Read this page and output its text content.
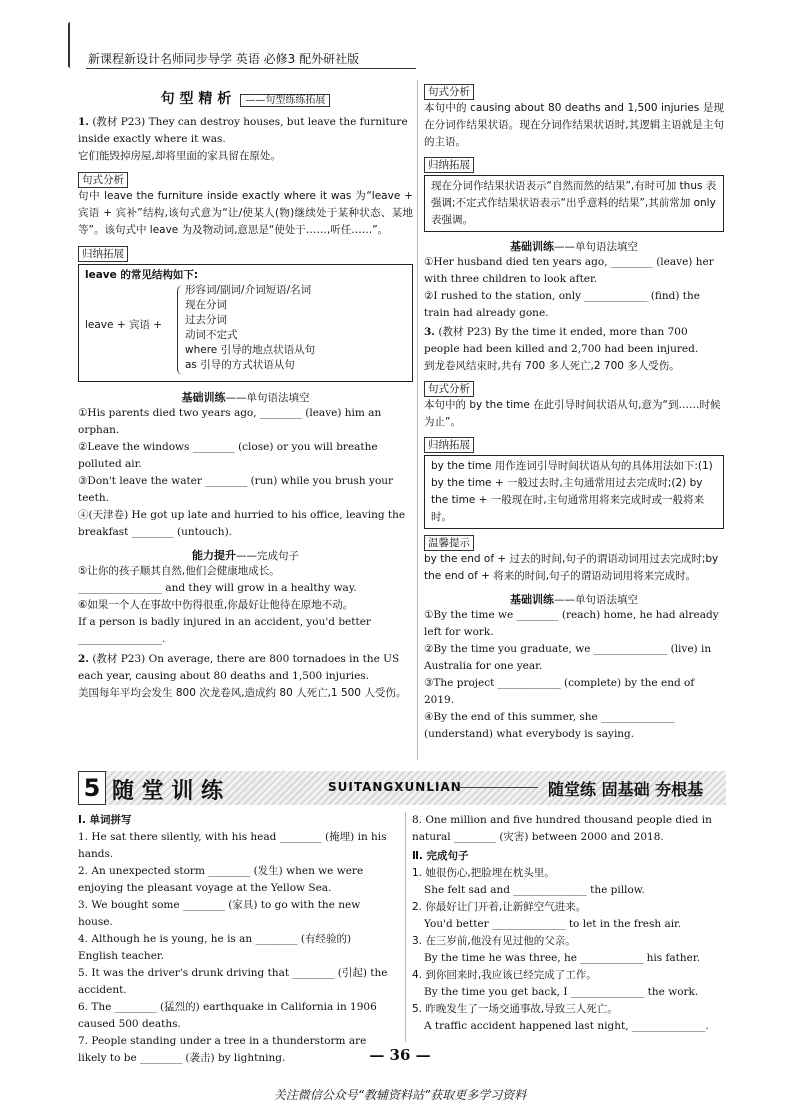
新课程新设计名师同步导学 英语 必修3 配外研社版
句 型 精 析 ——句型练练拓展
1. (教材 P23) They can destroy houses, but leave the furniture inside exactly where it was.
它们能毁掉房屋,却将里面的家具留在原处。
句式分析
句中 leave the furniture inside exactly where it was 为“leave + 宾语 + 宾补”结构,该句式意为“让/使某人(物)继续处于某种状态、某地等”。该句式中 leave 为及物动词,意思是“使处于……,听任……”。
归纳拓展
leave 的常见结构如下:
leave + 宾语 +
形容词/副词/介词短语/名词
现在分词
过去分词
动词不定式
where 引导的地点状语从句
as 引导的方式状语从句
基础训练——单句语法填空
①His parents died two years ago, ________ (leave) him an orphan.
②Leave the windows ________ (close) or you will breathe polluted air.
③Don't leave the water ________ (run) while you brush your teeth.
④(天津卷) He got up late and hurried to his office, leaving the breakfast ________ (untouch).
能力提升——完成句子
⑤让你的孩子顺其自然,他们会健康地成长。
________________ and they will grow in a healthy way.
⑥如果一个人在事故中伤得很重,你最好让他待在原地不动。
If a person is badly injured in an accident, you'd better ________________.
2. (教材 P23) On average, there are 800 tornadoes in the US each year, causing about 80 deaths and 1,500 injuries.
美国每年平均会发生 800 次龙卷风,造成约 80 人死亡,1 500 人受伤。
句式分析
本句中的 causing about 80 deaths and 1,500 injuries 是现在分词作结果状语。现在分词作结果状语时,其逻辑主语就是主句的主语。
归纳拓展
现在分词作结果状语表示“自然而然的结果”,有时可加 thus 表强调;不定式作结果状语表示“出乎意料的结果”,其前常加 only 表强调。
基础训练——单句语法填空
①Her husband died ten years ago, ________ (leave) her with three children to look after.
②I rushed to the station, only ____________ (find) the train had already gone.
3. (教材 P23) By the time it ended, more than 700 people had been killed and 2,700 had been injured.
到龙卷风结束时,共有 700 多人死亡,2 700 多人受伤。
句式分析
本句中的 by the time 在此引导时间状语从句,意为“到……时候为止”。
归纳拓展
by the time 用作连词引导时间状语从句的具体用法如下:(1) by the time + 一般过去时,主句通常用过去完成时;(2) by the time + 一般现在时,主句通常用将来完成时或一般将来时。
温馨提示
by the end of + 过去的时间,句子的谓语动词用过去完成时;by the end of + 将来的时间,句子的谓语动词用将来完成时。
基础训练——单句语法填空
①By the time we ________ (reach) home, he had already left for work.
②By the time you graduate, we ______________ (live) in Australia for one year.
③The project ____________ (complete) by the end of 2019.
④By the end of this summer, she ______________ (understand) what everybody is saying.
5 随 堂 训 练	SUITANGXUNLIAN	随堂练 固基础 夯根基
Ⅰ. 单词拼写
1. He sat there silently, with his head ________ (掩埋) in his hands.
2. An unexpected storm ________ (发生) when we were enjoying the pleasant voyage at the Yellow Sea.
3. We bought some ________ (家具) to go with the new house.
4. Although he is young, he is an ________ (有经验的) English teacher.
5. It was the driver's drunk driving that ________ (引起) the accident.
6. The ________ (猛烈的) earthquake in California in 1906 caused 500 deaths.
7. People standing under a tree in a thunderstorm are likely to be ________ (袭击) by lightning.
8. One million and five hundred thousand people died in natural ________ (灾害) between 2000 and 2018.
Ⅱ. 完成句子
1. 她很伤心,把脸埋在枕头里。
She felt sad and ______________ the pillow.
2. 你最好让门开着,让新鲜空气进来。
You'd better ______________ to let in the fresh air.
3. 在三岁前,他没有见过他的父亲。
By the time he was three, he ____________ his father.
4. 到你回来时,我应该已经完成了工作。
By the time you get back, I ______________ the work.
5. 昨晚发生了一场交通事故,导致三人死亡。
A traffic accident happened last night, ______________.
— 36 —
关注微信公众号“教辅资料站”获取更多学习资料
